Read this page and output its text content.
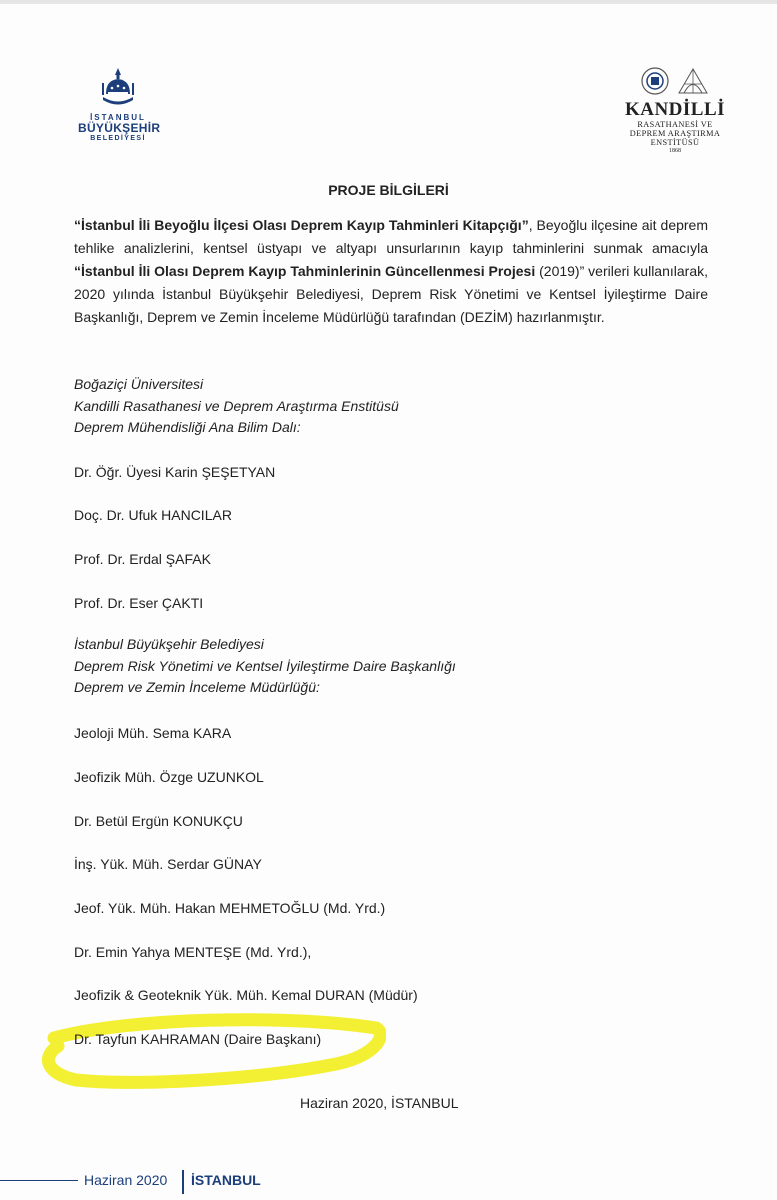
İSTANBUL
BÜYÜKŞEHİR
BELEDİYESİ
KANDİLLİ
RASATHANESİ VE
DEPREM ARAŞTIRMA
ENSTİTÜSÜ
1868
PROJE BİLGİLERİ
“İstanbul İli Beyoğlu İlçesi Olası Deprem Kayıp Tahminleri Kitapçığı”, Beyoğlu ilçesine ait deprem tehlike analizlerini, kentsel üstyapı ve altyapı unsurlarının kayıp tahminlerini sunmak amacıyla “İstanbul İli Olası Deprem Kayıp Tahminlerinin Güncellenmesi Projesi (2019)” verileri kullanılarak, 2020 yılında İstanbul Büyükşehir Belediyesi, Deprem Risk Yönetimi ve Kentsel İyileştirme Daire Başkanlığı, Deprem ve Zemin İnceleme Müdürlüğü tarafından (DEZİM) hazırlanmıştır.
Boğaziçi Üniversitesi
Kandilli Rasathanesi ve Deprem Araştırma Enstitüsü
Deprem Mühendisliği Ana Bilim Dalı:
Dr. Öğr. Üyesi Karin ŞEŞETYAN
Doç. Dr. Ufuk HANCILAR
Prof. Dr. Erdal ŞAFAK
Prof. Dr. Eser ÇAKTI
İstanbul Büyükşehir Belediyesi
Deprem Risk Yönetimi ve Kentsel İyileştirme Daire Başkanlığı
Deprem ve Zemin İnceleme Müdürlüğü:
Jeoloji Müh. Sema KARA
Jeofizik Müh. Özge UZUNKOL
Dr. Betül Ergün KONUKÇU
İnş. Yük. Müh. Serdar GÜNAY
Jeof. Yük. Müh. Hakan MEHMETOĞLU (Md. Yrd.)
Dr. Emin Yahya MENTEŞE (Md. Yrd.),
Jeofizik & Geoteknik Yük. Müh. Kemal DURAN (Müdür)
Dr. Tayfun KAHRAMAN (Daire Başkanı)
Haziran 2020, İSTANBUL
Haziran 2020 İSTANBUL
